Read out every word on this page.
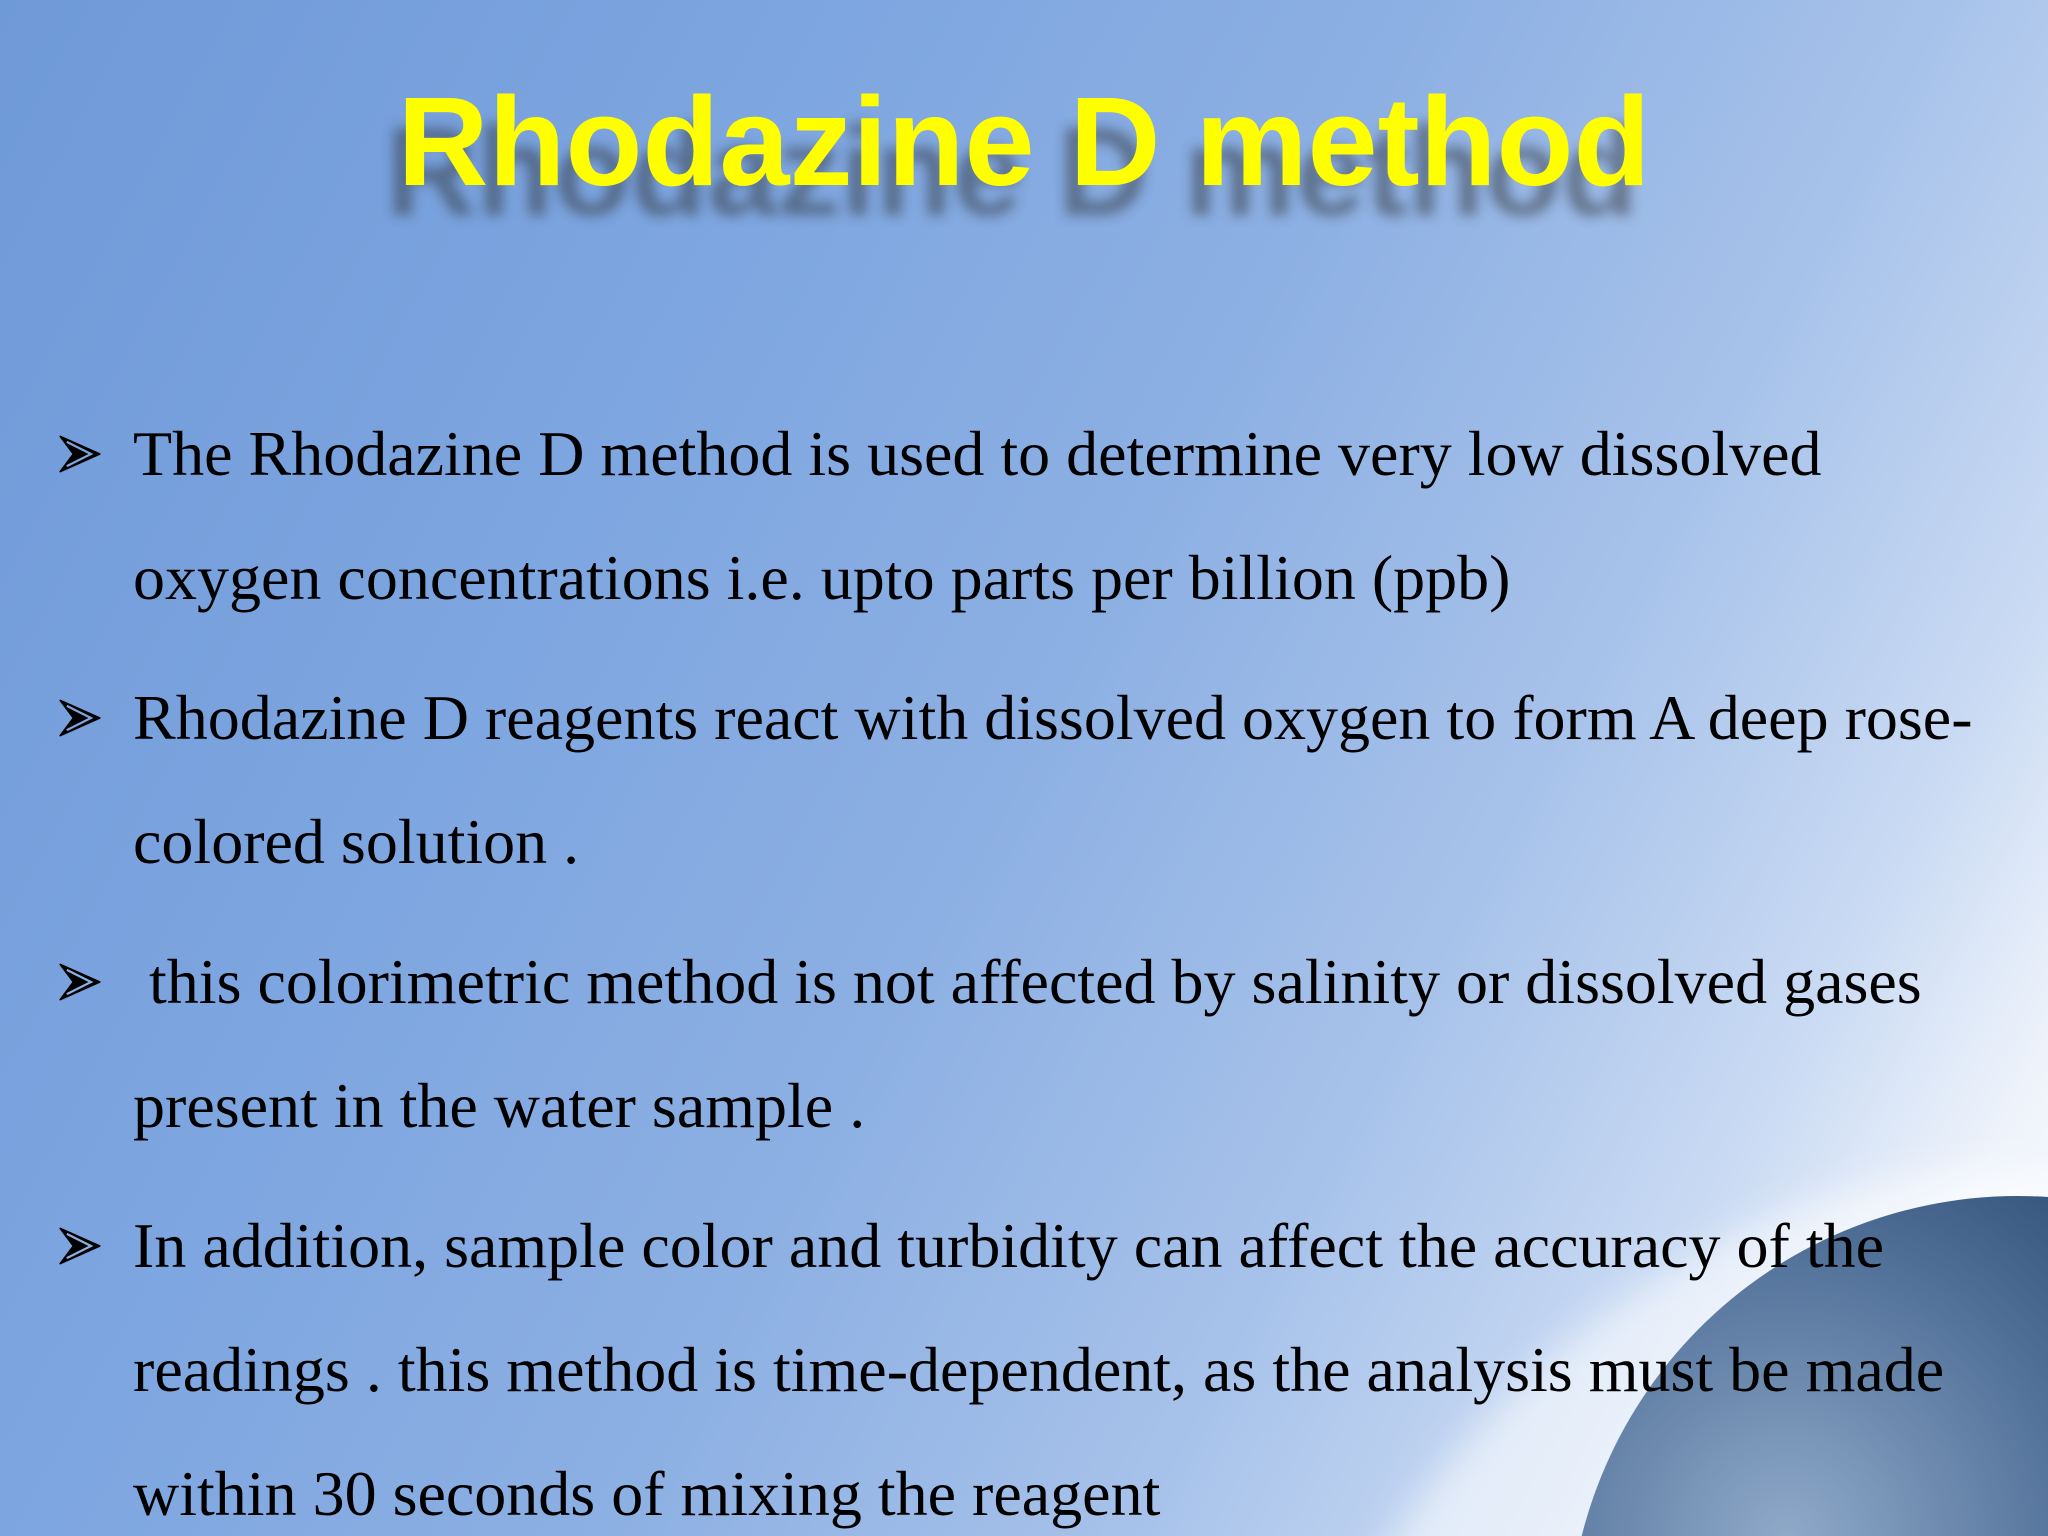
Rhodazine D method
The Rhodazine D method is used to determine very low dissolved oxygen concentrations i.e. upto parts per billion (ppb)
Rhodazine D reagents react with dissolved oxygen to form A deep rose-colored solution .
this colorimetric method is not affected by salinity or dissolved gases present in the water sample .
In addition, sample color and turbidity can affect the accuracy of the readings . this method is time-dependent, as the analysis must be made within 30 seconds of mixing the reagent
